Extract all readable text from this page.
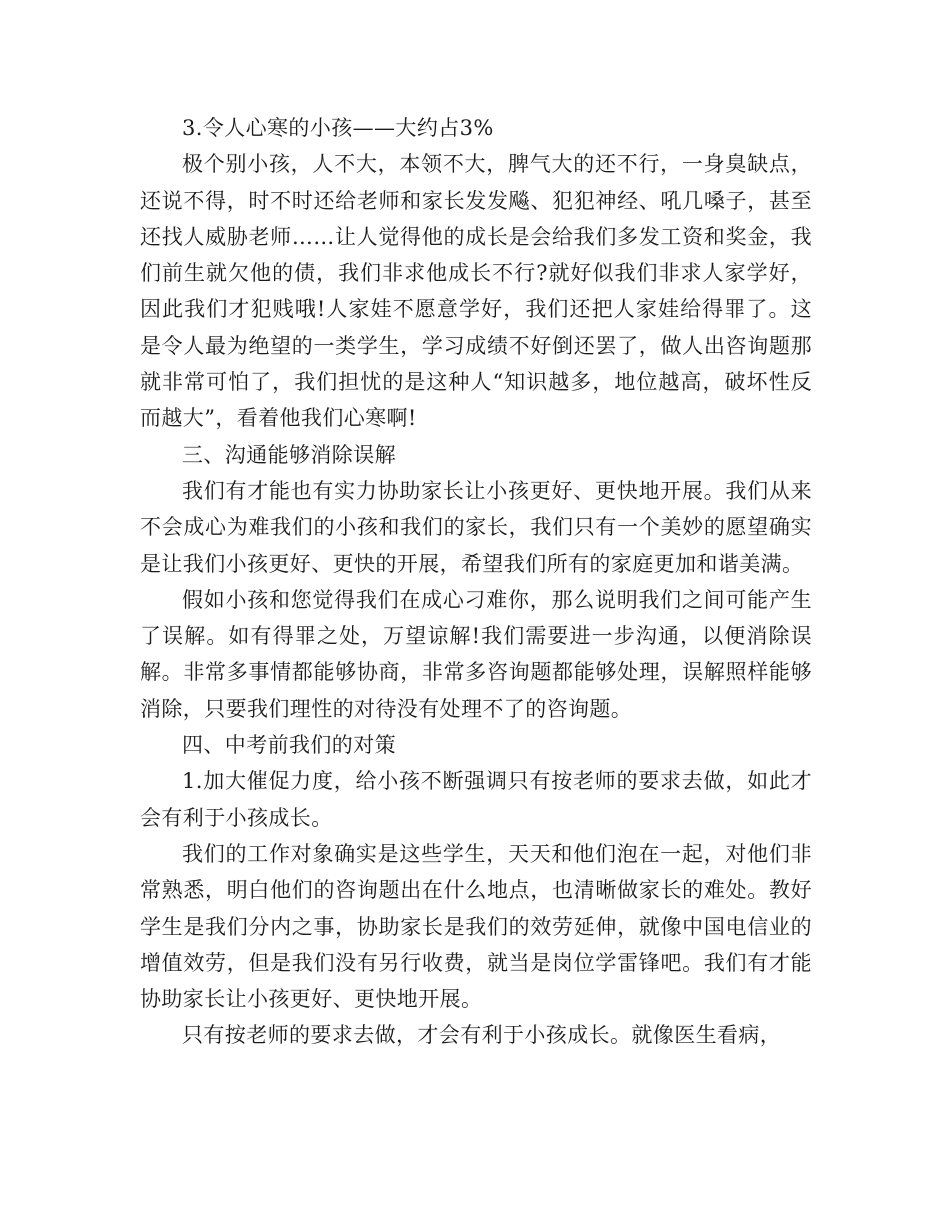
3.令人心寒的小孩——大约占3%

极个别小孩，人不大，本领不大，脾气大的还不行，一身臭缺点，还说不得，时不时还给老师和家长发发飚、犯犯神经、吼几嗓子，甚至还找人威胁老师……让人觉得他的成长是会给我们多发工资和奖金，我们前生就欠他的债，我们非求他成长不行?就好似我们非求人家学好，因此我们才犯贱哦!人家娃不愿意学好，我们还把人家娃给得罪了。这是令人最为绝望的一类学生，学习成绩不好倒还罢了，做人出咨询题那就非常可怕了，我们担忧的是这种人“知识越多，地位越高，破坏性反而越大”，看着他我们心寒啊!

三、沟通能够消除误解

我们有才能也有实力协助家长让小孩更好、更快地开展。我们从来不会成心为难我们的小孩和我们的家长，我们只有一个美妙的愿望确实是让我们小孩更好、更快的开展，希望我们所有的家庭更加和谐美满。

假如小孩和您觉得我们在成心刁难你，那么说明我们之间可能产生了误解。如有得罪之处，万望谅解!我们需要进一步沟通，以便消除误解。非常多事情都能够协商，非常多咨询题都能够处理，误解照样能够消除，只要我们理性的对待没有处理不了的咨询题。

四、中考前我们的对策

1.加大催促力度，给小孩不断强调只有按老师的要求去做，如此才会有利于小孩成长。

我们的工作对象确实是这些学生，天天和他们泡在一起，对他们非常熟悉，明白他们的咨询题出在什么地点，也清晰做家长的难处。教好学生是我们分内之事，协助家长是我们的效劳延伸，就像中国电信业的增值效劳，但是我们没有另行收费，就当是岗位学雷锋吧。我们有才能协助家长让小孩更好、更快地开展。

只有按老师的要求去做，才会有利于小孩成长。就像医生看病，
